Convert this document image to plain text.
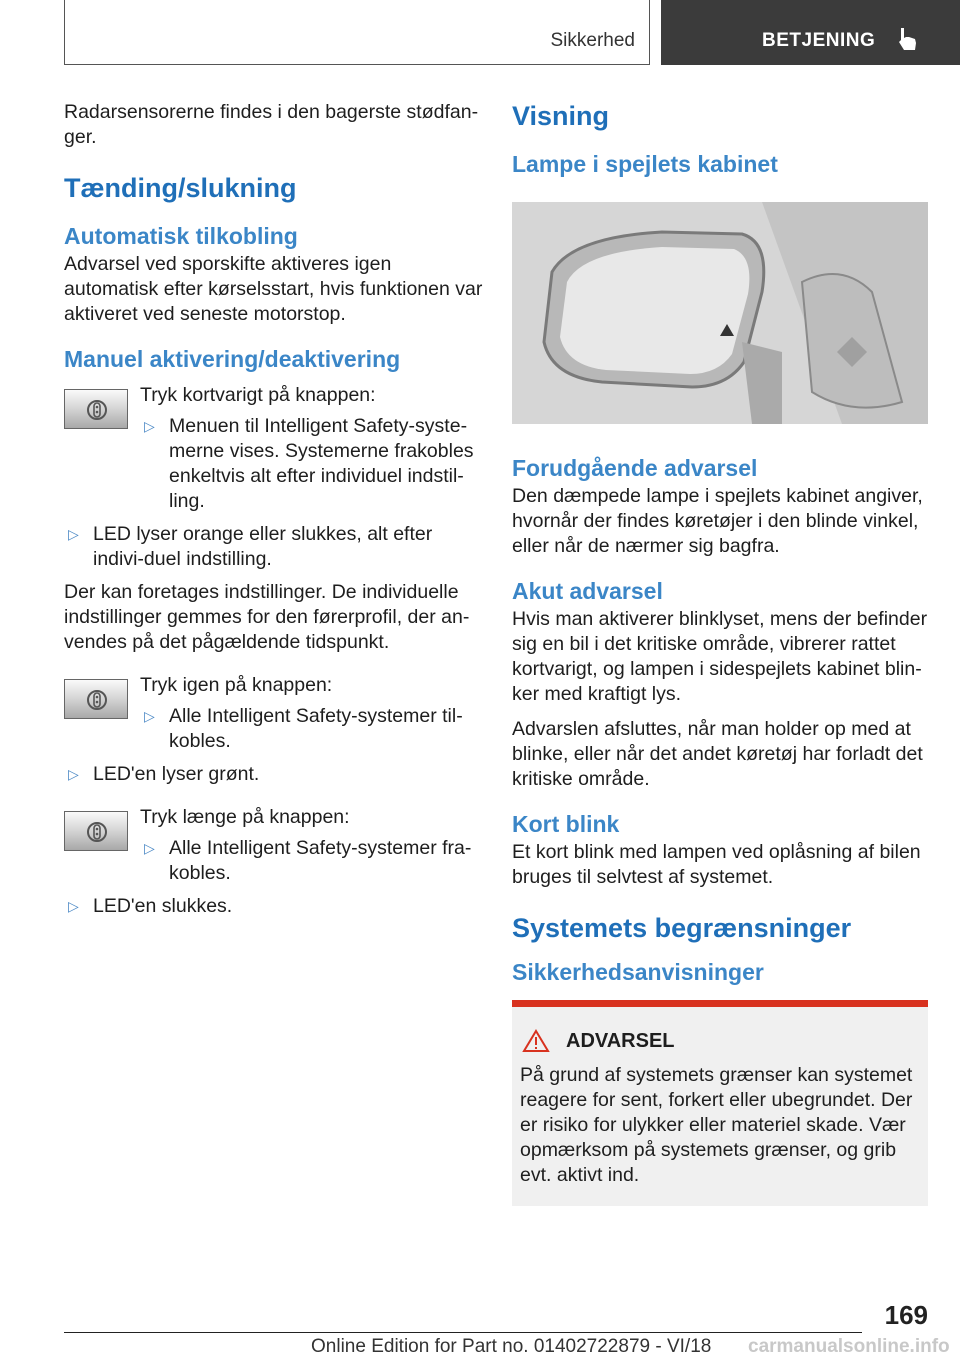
Sikkerhed	BETJENING

Radarsensorerne findes i den bagerste stødfan-ger.

Tænding/slukning
Automatisk tilkobling

Advarsel ved sporskifte aktiveres igen automatisk efter kørselsstart, hvis funktionen var aktiveret ved seneste motorstop.

Manuel aktivering/deaktivering

Tryk kortvarigt på knappen:

▷ Menuen til Intelligent Safety-syste-merne vises. Systemerne frakobles enkeltvis alt efter individuel indstil-ling.
▷ LED lyser orange eller slukkes, alt efter indivi-duel indstilling.

Der kan foretages indstillinger. De individuelle indstillinger gemmes for den førerprofil, der an-vendes på det pågældende tidspunkt.

Tryk igen på knappen:

▷ Alle Intelligent Safety-systemer til-kobles.
▷ LED'en lyser grønt.

Tryk længe på knappen:

▷ Alle Intelligent Safety-systemer fra-kobles.
▷ LED'en slukkes.
Visning
Lampe i spejlets kabinet
Forudgående advarsel

Den dæmpede lampe i spejlets kabinet angiver, hvornår der findes køretøjer i den blinde vinkel, eller når de nærmer sig bagfra.

Akut advarsel

Hvis man aktiverer blinklyset, mens der befinder sig en bil i det kritiske område, vibrerer rattet kortvarigt, og lampen i sidespejlets kabinet blin-ker med kraftigt lys.

Advarslen afsluttes, når man holder op med at blinke, eller når det andet køretøj har forladt det kritiske område.

Kort blink

Et kort blink med lampen ved oplåsning af bilen bruges til selvtest af systemet.

Systemets begrænsninger
Sikkerhedsanvisninger
ADVARSEL

På grund af systemets grænser kan systemet reagere for sent, forkert eller ubegrundet. Der er risiko for ulykker eller materiel skade. Vær opmærksom på systemets grænser, og grib evt. aktivt ind.

169
Online Edition for Part no. 01402722879 - VI/18 carmanualsonline.info
